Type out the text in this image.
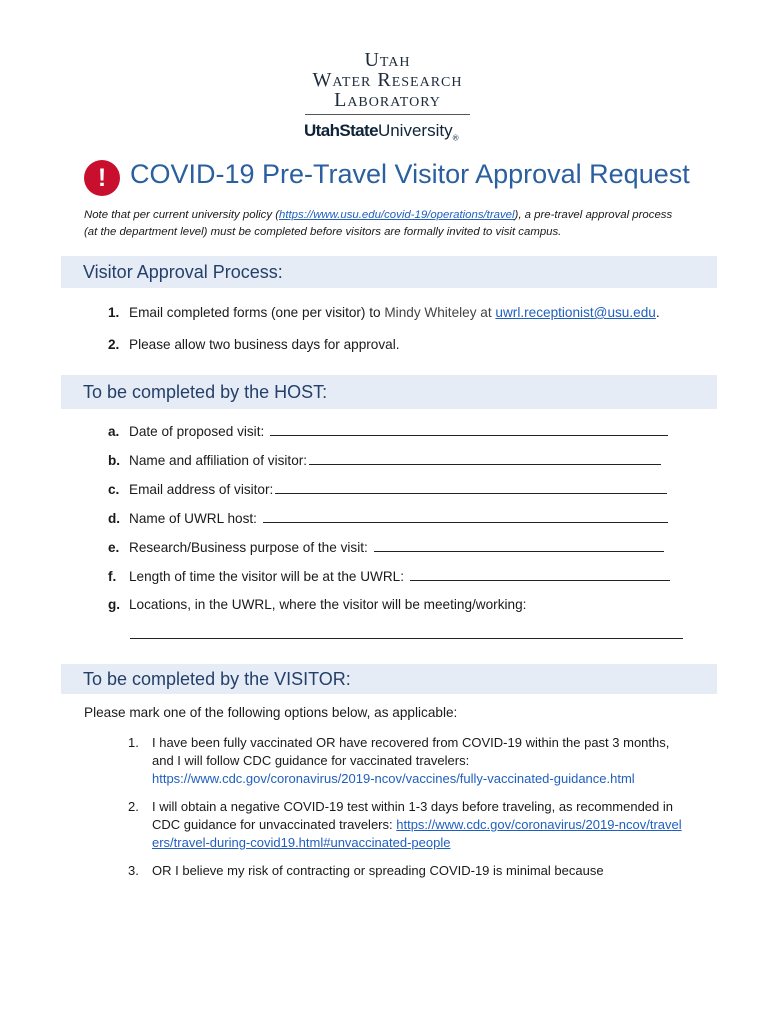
Utah
Water Research
Laboratory
UtahStateUniversity$_®$
! COVID-19 Pre-Travel Visitor Approval Request
Note that per current university policy (https://www.usu.edu/covid-19/operations/travel), a pre-travel approval process (at the department level) must be completed before visitors are formally invited to visit campus.
Visitor Approval Process:
1. Email completed forms (one per visitor) to Mindy Whiteley at uwrl.receptionist@usu.edu.
2. Please allow two business days for approval.
To be completed by the HOST:
a. Date of proposed visit:
b. Name and affiliation of visitor:
c. Email address of visitor:
d. Name of UWRL host:
e. Research/Business purpose of the visit:
f. Length of time the visitor will be at the UWRL:
g. Locations, in the UWRL, where the visitor will be meeting/working:
To be completed by the VISITOR:
Please mark one of the following options below, as applicable:
1. I have been fully vaccinated OR have recovered from COVID-19 within the past 3 months, and I will follow CDC guidance for vaccinated travelers:
https://www.cdc.gov/coronavirus/2019-ncov/vaccines/fully-vaccinated-guidance.html
2. I will obtain a negative COVID-19 test within 1-3 days before traveling, as recommended in CDC guidance for unvaccinated travelers: https://www.cdc.gov/coronavirus/2019-ncov/travelers/travel-during-covid19.html#unvaccinated-people
3. OR I believe my risk of contracting or spreading COVID-19 is minimal because
